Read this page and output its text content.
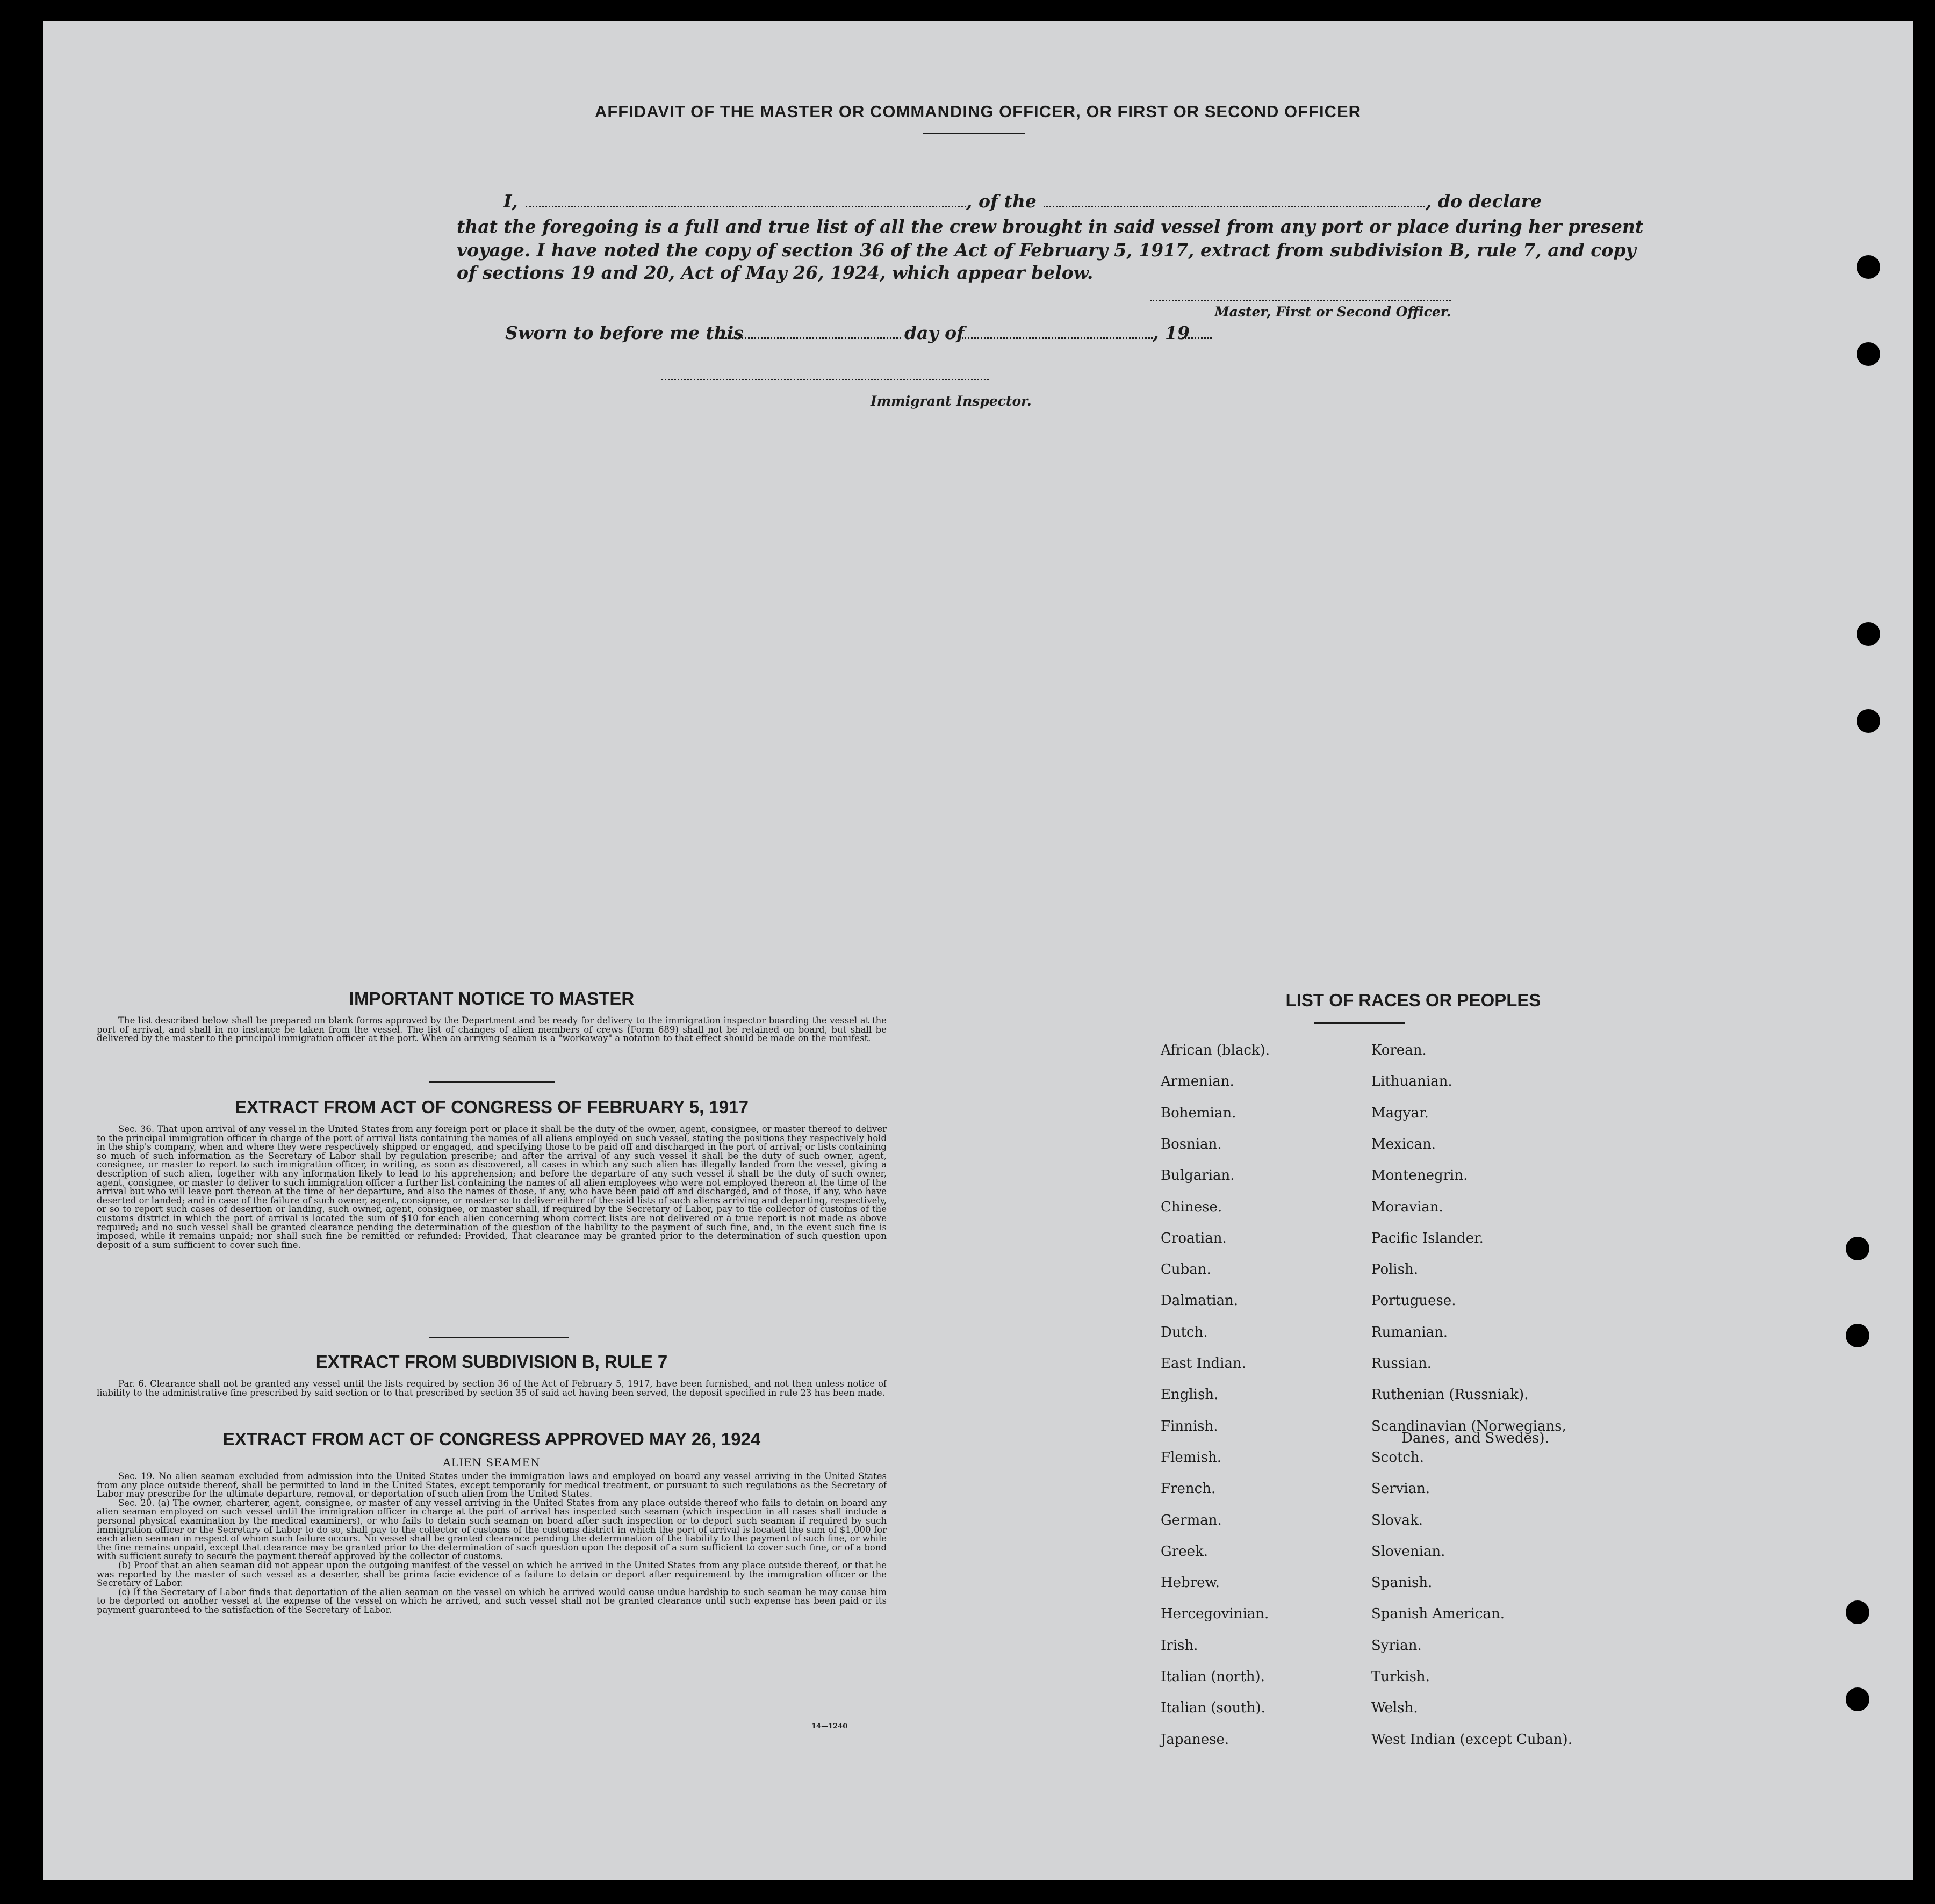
AFFIDAVIT OF THE MASTER OR COMMANDING OFFICER, OR FIRST OR SECOND OFFICER
I,	, of the	, do declare
that the foregoing is a full and true list of all the crew brought in said vessel from any port or place during her present
voyage. I have noted the copy of section 36 of the Act of February 5, 1917, extract from subdivision B, rule 7, and copy
of sections 19 and 20, Act of May 26, 1924, which appear below.
Master, First or Second Officer.
Sworn to before me this	day of	, 19
Immigrant Inspector.
IMPORTANT NOTICE TO MASTER

The list described below shall be prepared on blank forms approved by the Department and be ready for delivery to the immigration inspector boarding the vessel at the port of arrival, and shall in no instance be taken from the vessel. The list of changes of alien members of crews (Form 689) shall not be retained on board, but shall be delivered by the master to the principal immigration officer at the port. When an arriving seaman is a "workaway" a notation to that effect should be made on the manifest.

EXTRACT FROM ACT OF CONGRESS OF FEBRUARY 5, 1917

Sec. 36. That upon arrival of any vessel in the United States from any foreign port or place it shall be the duty of the owner, agent, consignee, or master thereof to deliver to the principal immigration officer in charge of the port of arrival lists containing the names of all aliens employed on such vessel, stating the positions they respectively hold in the ship's company, when and where they were respectively shipped or engaged, and specifying those to be paid off and discharged in the port of arrival; or lists containing so much of such information as the Secretary of Labor shall by regulation prescribe; and after the arrival of any such vessel it shall be the duty of such owner, agent, consignee, or master to report to such immigration officer, in writing, as soon as discovered, all cases in which any such alien has illegally landed from the vessel, giving a description of such alien, together with any information likely to lead to his apprehension; and before the departure of any such vessel it shall be the duty of such owner, agent, consignee, or master to deliver to such immigration officer a further list containing the names of all alien employees who were not employed thereon at the time of the arrival but who will leave port thereon at the time of her departure, and also the names of those, if any, who have been paid off and discharged, and of those, if any, who have deserted or landed; and in case of the failure of such owner, agent, consignee, or master so to deliver either of the said lists of such aliens arriving and departing, respectively, or so to report such cases of desertion or landing, such owner, agent, consignee, or master shall, if required by the Secretary of Labor, pay to the collector of customs of the customs district in which the port of arrival is located the sum of $10 for each alien concerning whom correct lists are not delivered or a true report is not made as above required; and no such vessel shall be granted clearance pending the determination of the question of the liability to the payment of such fine, and, in the event such fine is imposed, while it remains unpaid; nor shall such fine be remitted or refunded: Provided, That clearance may be granted prior to the determination of such question upon deposit of a sum sufficient to cover such fine.

EXTRACT FROM SUBDIVISION B, RULE 7

Par. 6. Clearance shall not be granted any vessel until the lists required by section 36 of the Act of February 5, 1917, have been furnished, and not then unless notice of liability to the administrative fine prescribed by said section or to that prescribed by section 35 of said act having been served, the deposit specified in rule 23 has been made.

EXTRACT FROM ACT OF CONGRESS APPROVED MAY 26, 1924
ALIEN SEAMEN

Sec. 19. No alien seaman excluded from admission into the United States under the immigration laws and employed on board any vessel arriving in the United States from any place outside thereof, shall be permitted to land in the United States, except temporarily for medical treatment, or pursuant to such regulations as the Secretary of Labor may prescribe for the ultimate departure, removal, or deportation of such alien from the United States.

Sec. 20. (a) The owner, charterer, agent, consignee, or master of any vessel arriving in the United States from any place outside thereof who fails to detain on board any alien seaman employed on such vessel until the immigration officer in charge at the port of arrival has inspected such seaman (which inspection in all cases shall include a personal physical examination by the medical examiners), or who fails to detain such seaman on board after such inspection or to deport such seaman if required by such immigration officer or the Secretary of Labor to do so, shall pay to the collector of customs of the customs district in which the port of arrival is located the sum of $1,000 for each alien seaman in respect of whom such failure occurs. No vessel shall be granted clearance pending the determination of the liability to the payment of such fine, or while the fine remains unpaid, except that clearance may be granted prior to the determination of such question upon the deposit of a sum sufficient to cover such fine, or of a bond with sufficient surety to secure the payment thereof approved by the collector of customs.

(b) Proof that an alien seaman did not appear upon the outgoing manifest of the vessel on which he arrived in the United States from any place outside thereof, or that he was reported by the master of such vessel as a deserter, shall be prima facie evidence of a failure to detain or deport after requirement by the immigration officer or the Secretary of Labor.

(c) If the Secretary of Labor finds that deportation of the alien seaman on the vessel on which he arrived would cause undue hardship to such seaman he may cause him to be deported on another vessel at the expense of the vessel on which he arrived, and such vessel shall not be granted clearance until such expense has been paid or its payment guaranteed to the satisfaction of the Secretary of Labor.

14—1240
LIST OF RACES OR PEOPLES
Danes, and Swedes).
African (black).
Armenian.
Bohemian.
Bosnian.
Bulgarian.
Chinese.
Croatian.
Cuban.
Dalmatian.
Dutch.
East Indian.
English.
Finnish.
Flemish.
French.
German.
Greek.
Hebrew.
Hercegovinian.
Irish.
Italian (north).
Italian (south).
Japanese.
Korean.
Lithuanian.
Magyar.
Mexican.
Montenegrin.
Moravian.
Pacific Islander.
Polish.
Portuguese.
Rumanian.
Russian.
Ruthenian (Russniak).
Scandinavian (Norwegians,
Scotch.
Servian.
Slovak.
Slovenian.
Spanish.
Spanish American.
Syrian.
Turkish.
Welsh.
West Indian (except Cuban).
